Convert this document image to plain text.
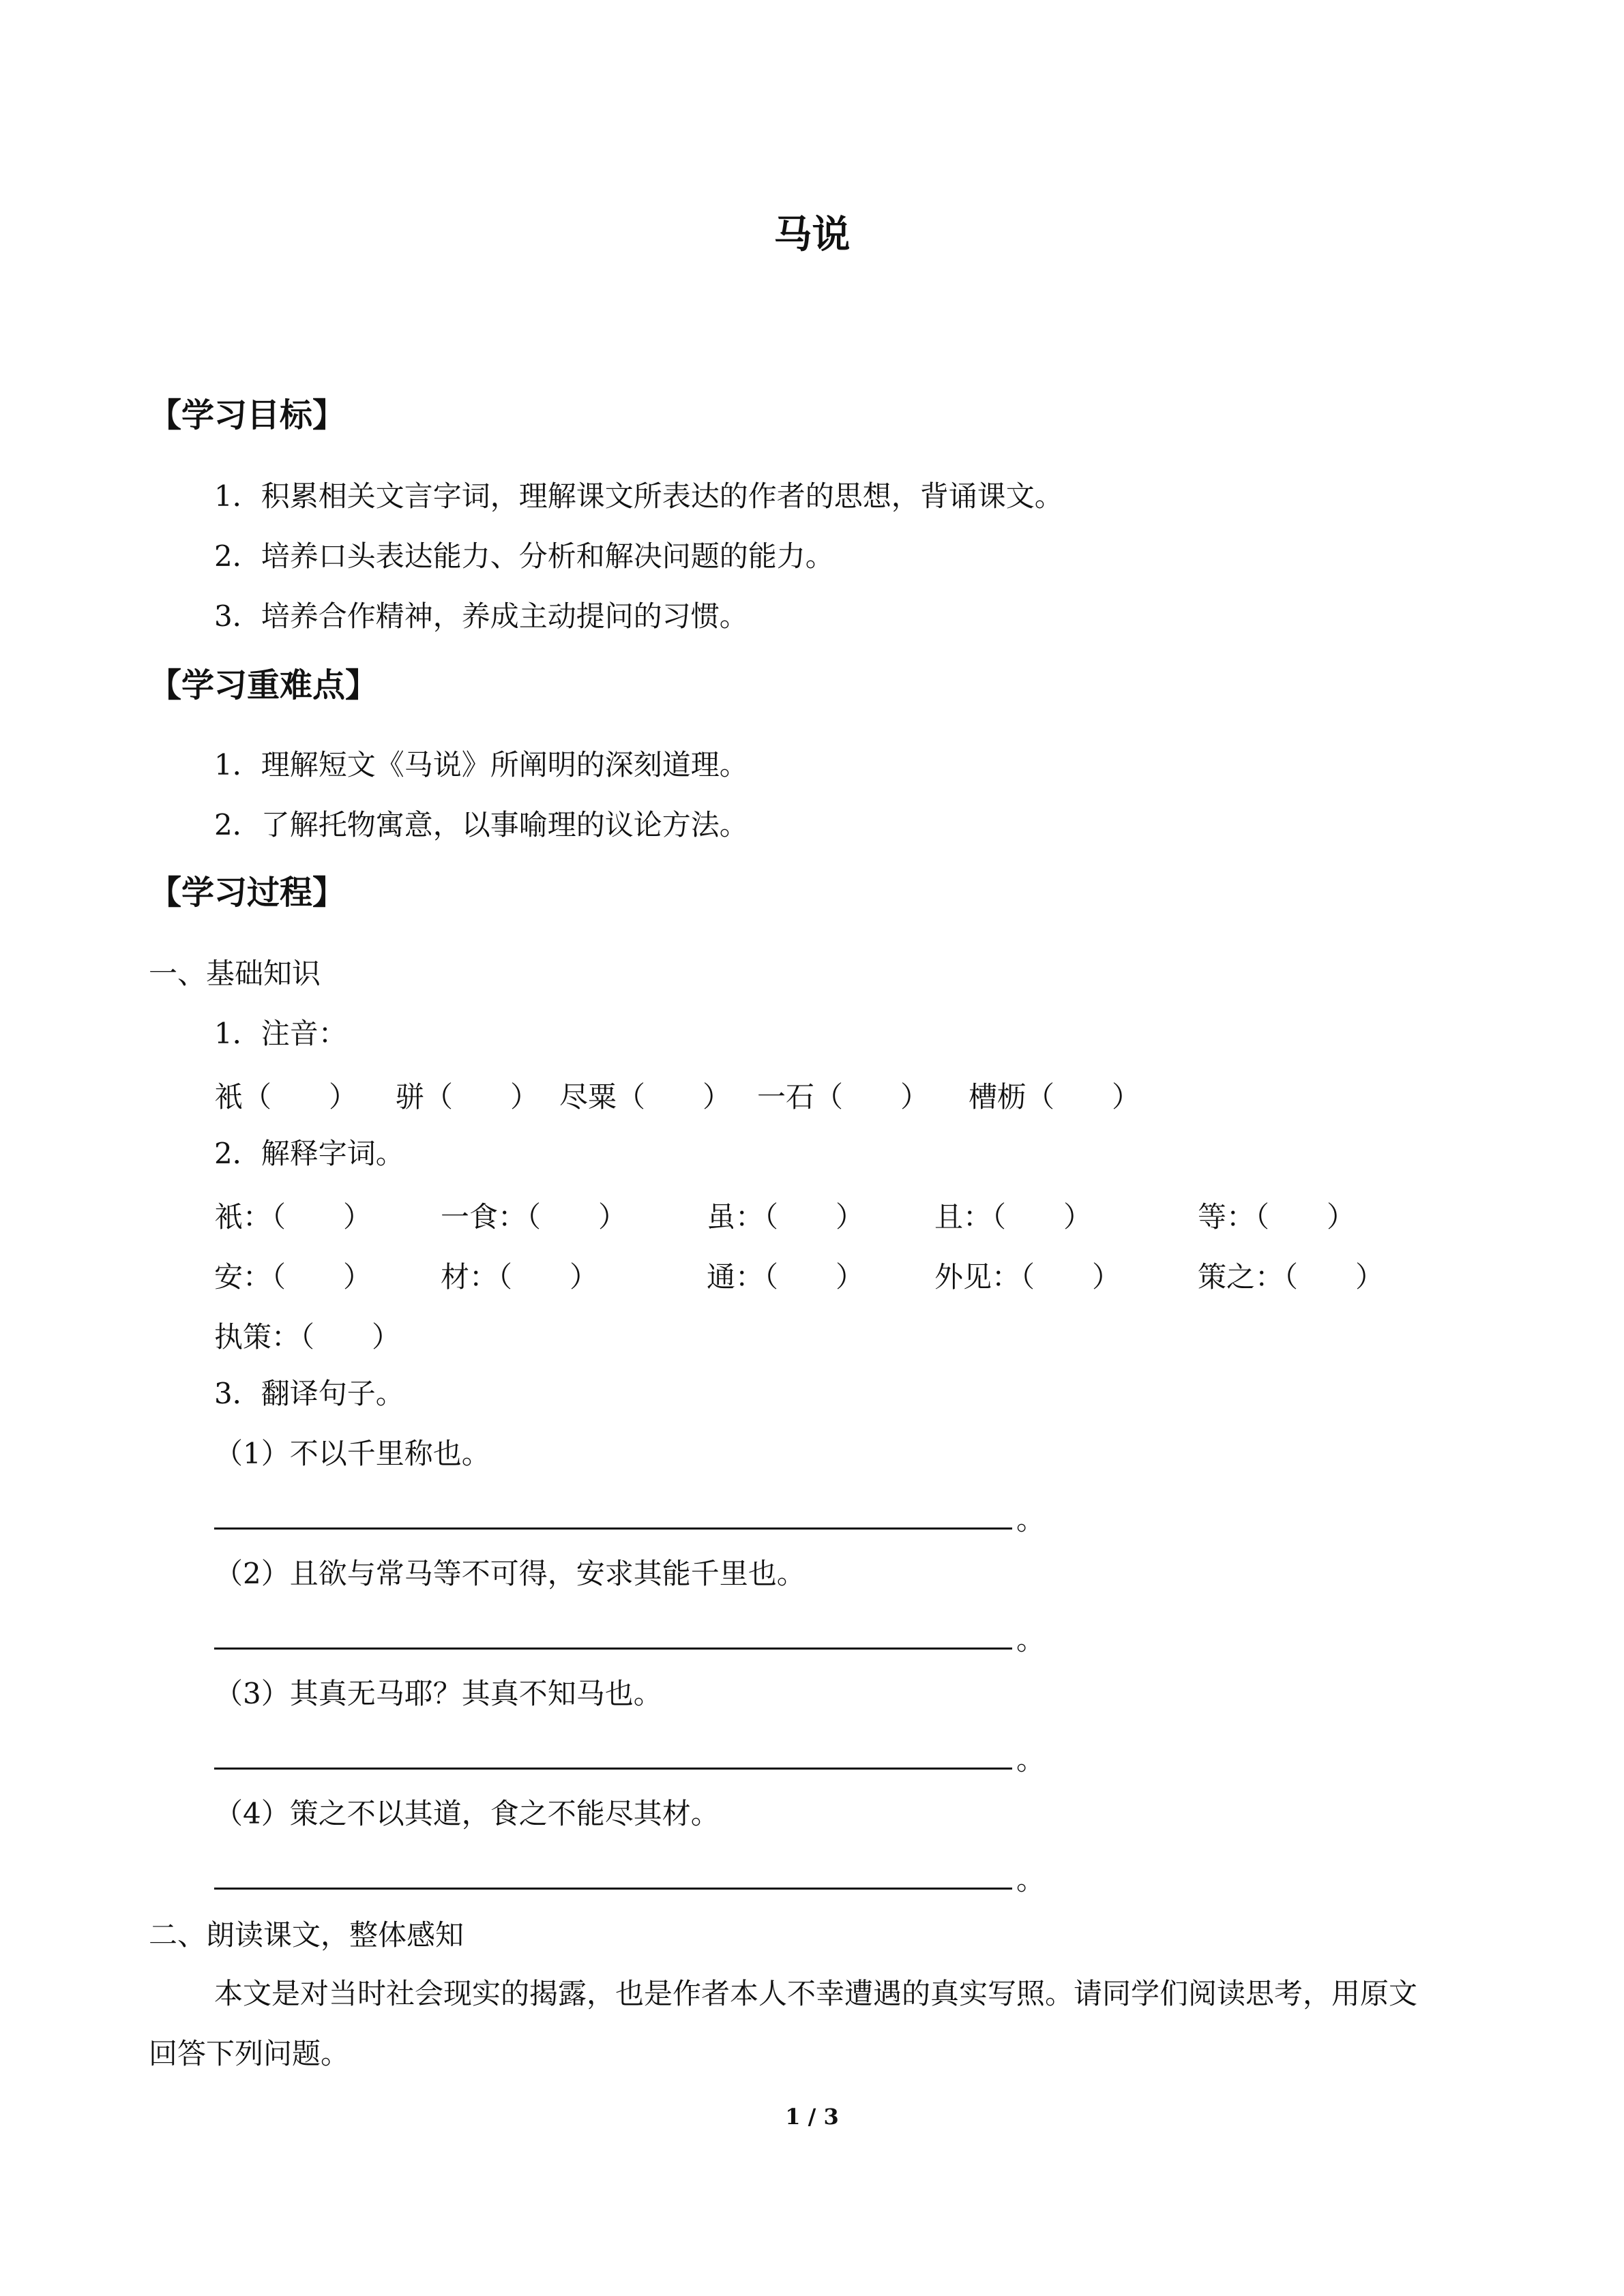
马说
【学习目标】
1．积累相关文言字词，理解课文所表达的作者的思想，背诵课文。
2．培养口头表达能力、分析和解决问题的能力。
3．培养合作精神，养成主动提问的习惯。
【学习重难点】
1．理解短文《马说》所阐明的深刻道理。
2．了解托物寓意，以事喻理的议论方法。
【学习过程】
一、基础知识
1．注音：
衹（　　） 骈（　　） 尽粟（　　） 一石（　　） 槽枥（　　）
2．解释字词。
衹：（　　） 一食：（　　）	虽：（　　） 且：（　　）	等：（　　）
安：（　　） 材：（　　）	通：（　　） 外见：（　　）	策之：（　　）
执策：（　　）
3．翻译句子。
（1）不以千里称也。
。
（2）且欲与常马等不可得，安求其能千里也。
。
（3）其真无马耶？其真不知马也。
。
（4）策之不以其道，食之不能尽其材。
。
二、朗读课文，整体感知

本文是对当时社会现实的揭露，也是作者本人不幸遭遇的真实写照。请同学们阅读思考，用原文回答下列问题。

1 / 3
